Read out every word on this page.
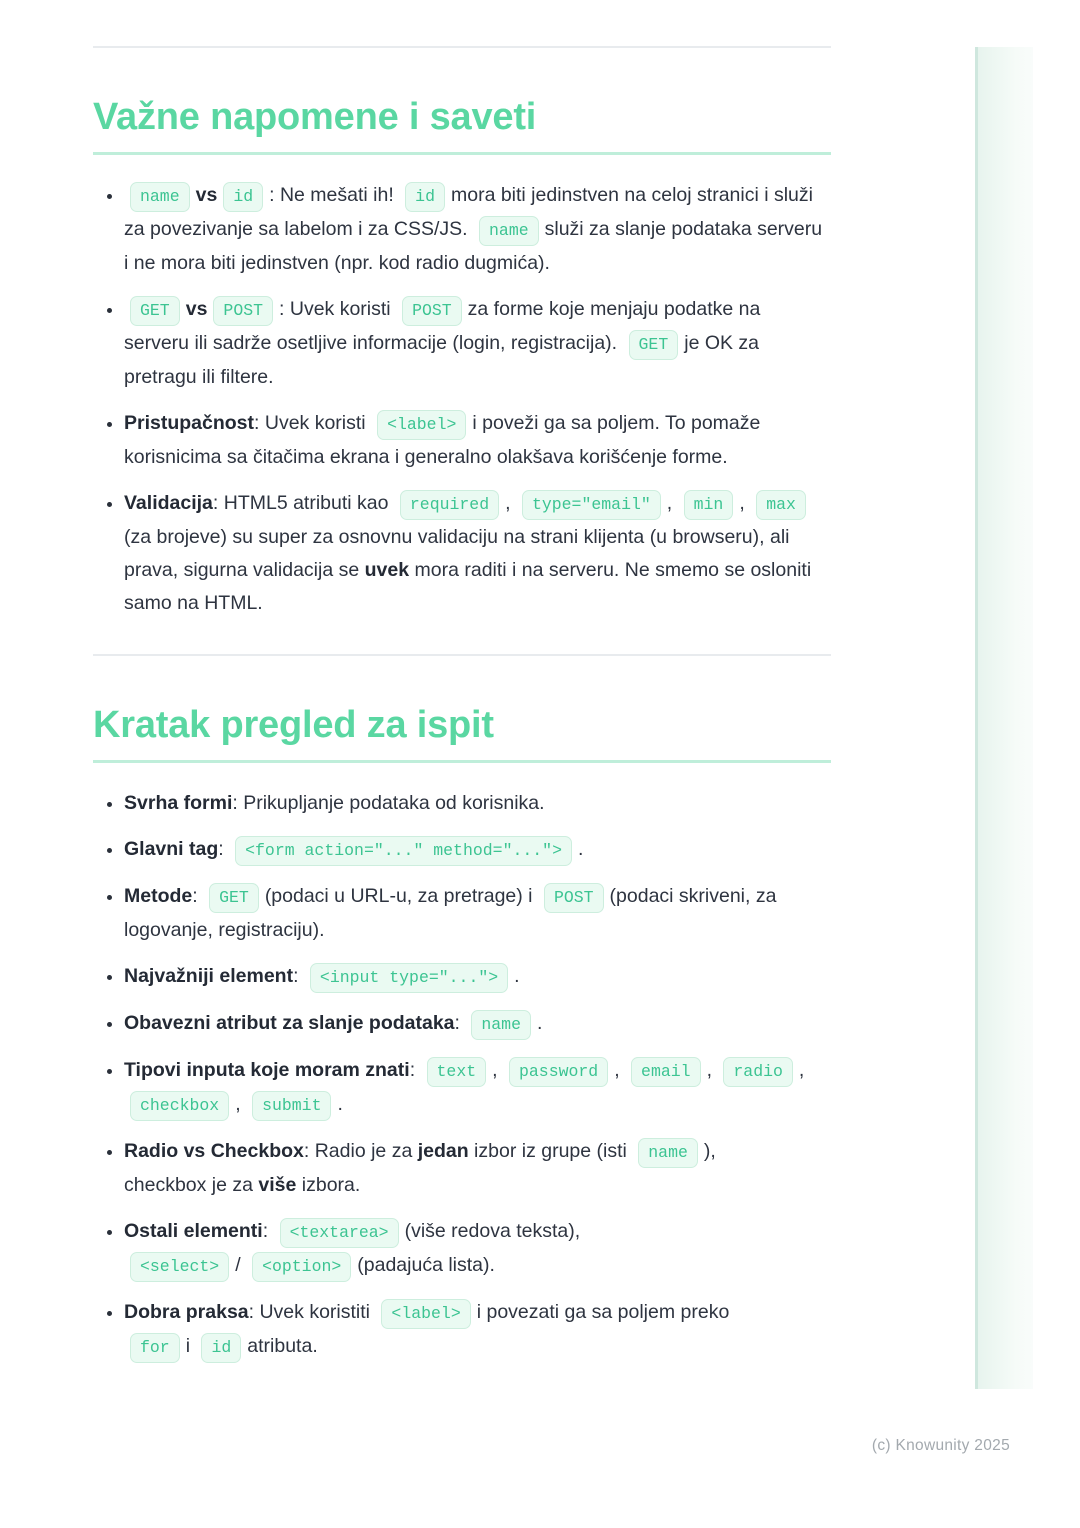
Važne napomene i saveti
• name vs id : Ne mešati ih! id mora biti jedinstven na celoj stranici i služi za povezivanje sa labelom i za CSS/JS. name služi za slanje podataka serveru i ne mora biti jedinstven (npr. kod radio dugmića).
• GET vs POST : Uvek koristi POST za forme koje menjaju podatke na serveru ili sadrže osetljive informacije (login, registracija). GET je OK za pretragu ili filtere.
• Pristupačnost: Uvek koristi <label> i poveži ga sa poljem. To pomaže korisnicima sa čitačima ekrana i generalno olakšava korišćenje forme.
• Validacija: HTML5 atributi kao required , type="email" , min , max(za brojeve) su super za osnovnu validaciju na strani klijenta (u browseru), ali prava, sigurna validacija se uvek mora raditi i na serveru. Ne smemo se osloniti samo na HTML.
Kratak pregled za ispit
• Svrha formi: Prikupljanje podataka od korisnika.
• Glavni tag: <form action="..." method="..."> .
• Metode: GET (podaci u URL-u, za pretrage) i POST (podaci skriveni, za logovanje, registraciju).
• Najvažniji element: <input type="..."> .
• Obavezni atribut za slanje podataka: name .
• Tipovi inputa koje moram znati: text , password , email , radio , checkbox , submit .
• Radio vs Checkbox: Radio je za jedan izbor iz grupe (isti name ),
checkbox je za više izbora.
• Ostali elementi: <textarea> (više redova teksta),
<select> / <option> (padajuća lista).
• Dobra praksa: Uvek koristiti <label> i povezati ga sa poljem preko
for i id atributa.
(c) Knowunity 2025
